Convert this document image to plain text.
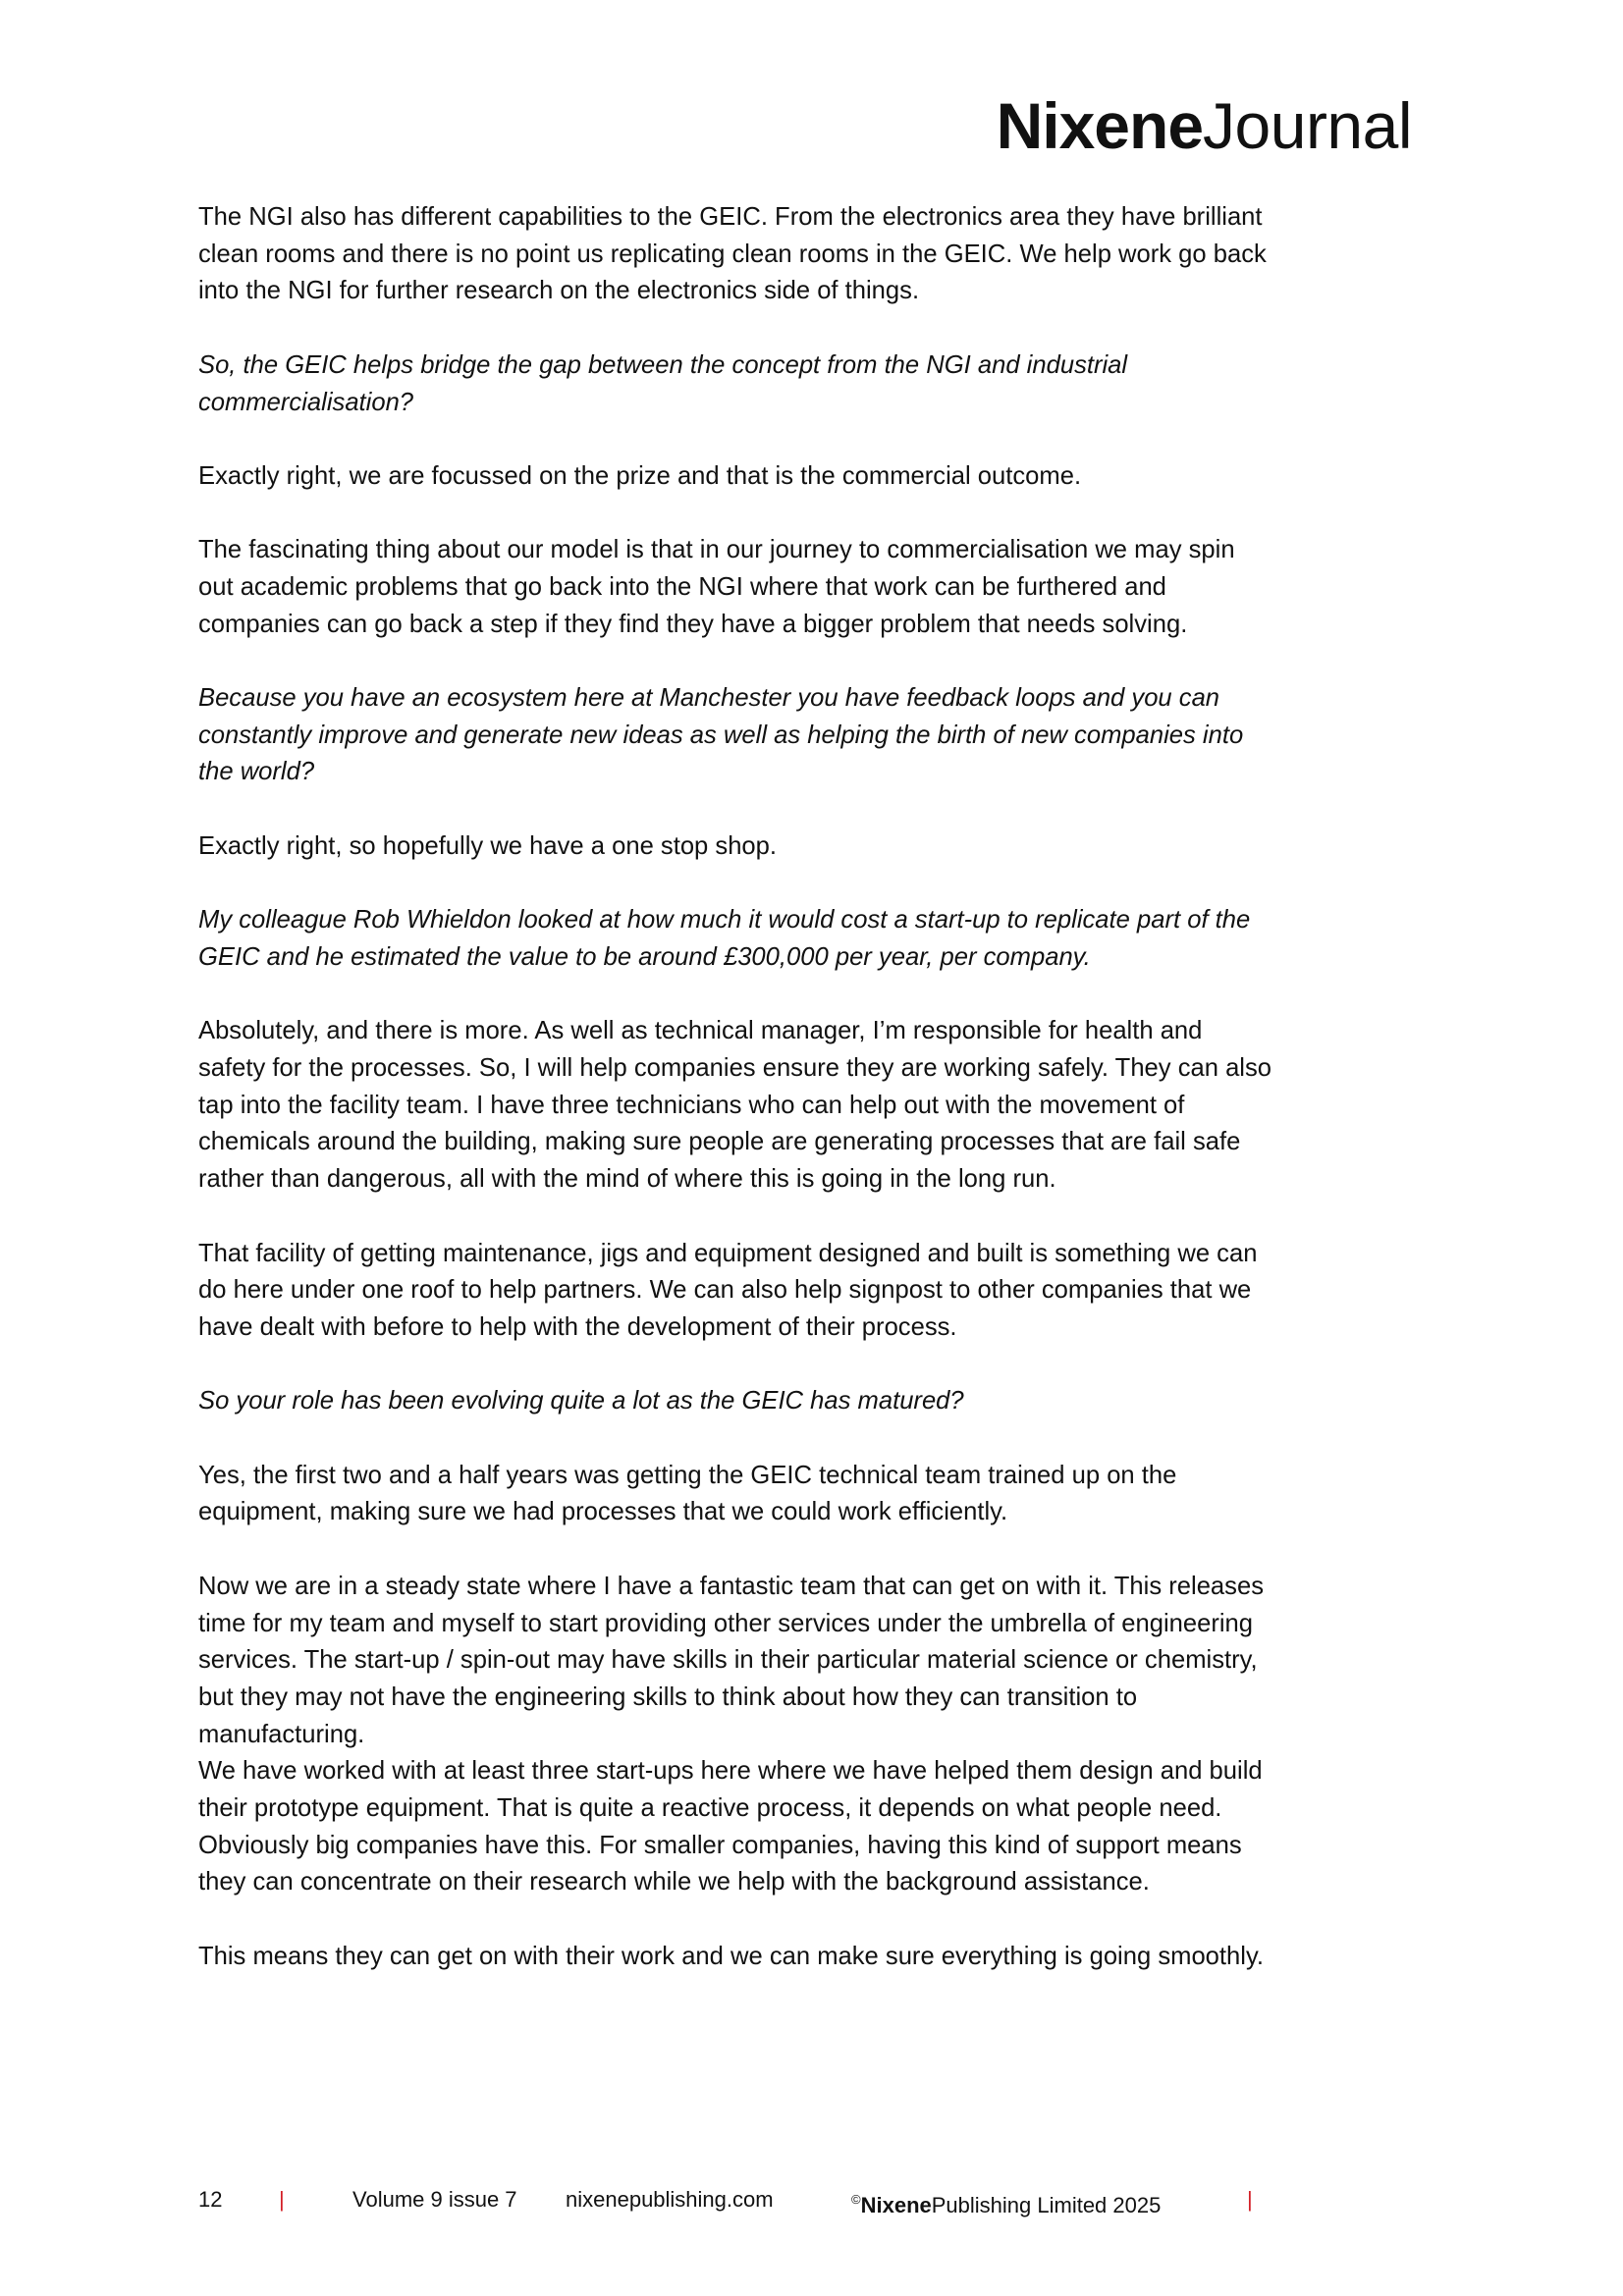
NixeneJournal

The NGI also has different capabilities to the GEIC. From the electronics area they have brilliant
clean rooms and there is no point us replicating clean rooms in the GEIC. We help work go back
into the NGI for further research on the electronics side of things.

So, the GEIC helps bridge the gap between the concept from the NGI and industrial
commercialisation?

Exactly right, we are focussed on the prize and that is the commercial outcome.

The fascinating thing about our model is that in our journey to commercialisation we may spin
out academic problems that go back into the NGI where that work can be furthered and
companies can go back a step if they find they have a bigger problem that needs solving.

Because you have an ecosystem here at Manchester you have feedback loops and you can
constantly improve and generate new ideas as well as helping the birth of new companies into
the world?

Exactly right, so hopefully we have a one stop shop.

My colleague Rob Whieldon looked at how much it would cost a start-up to replicate part of the
GEIC and he estimated the value to be around £300,000 per year, per company.

Absolutely, and there is more. As well as technical manager, I’m responsible for health and
safety for the processes. So, I will help companies ensure they are working safely. They can also
tap into the facility team. I have three technicians who can help out with the movement of
chemicals around the building, making sure people are generating processes that are fail safe
rather than dangerous, all with the mind of where this is going in the long run.

That facility of getting maintenance, jigs and equipment designed and built is something we can
do here under one roof to help partners. We can also help signpost to other companies that we
have dealt with before to help with the development of their process.

So your role has been evolving quite a lot as the GEIC has matured?

Yes, the first two and a half years was getting the GEIC technical team trained up on the
equipment, making sure we had processes that we could work efficiently.

Now we are in a steady state where I have a fantastic team that can get on with it. This releases
time for my team and myself to start providing other services under the umbrella of engineering
services. The start-up / spin-out may have skills in their particular material science or chemistry,
but they may not have the engineering skills to think about how they can transition to
manufacturing.

We have worked with at least three start-ups here where we have helped them design and build
their prototype equipment. That is quite a reactive process, it depends on what people need.
Obviously big companies have this. For smaller companies, having this kind of support means
they can concentrate on their research while we help with the background assistance.

This means they can get on with their work and we can make sure everything is going smoothly.

12	|	Volume 9 issue 7 nixenepublishing.com	©NixenePublishing Limited 2025	|
